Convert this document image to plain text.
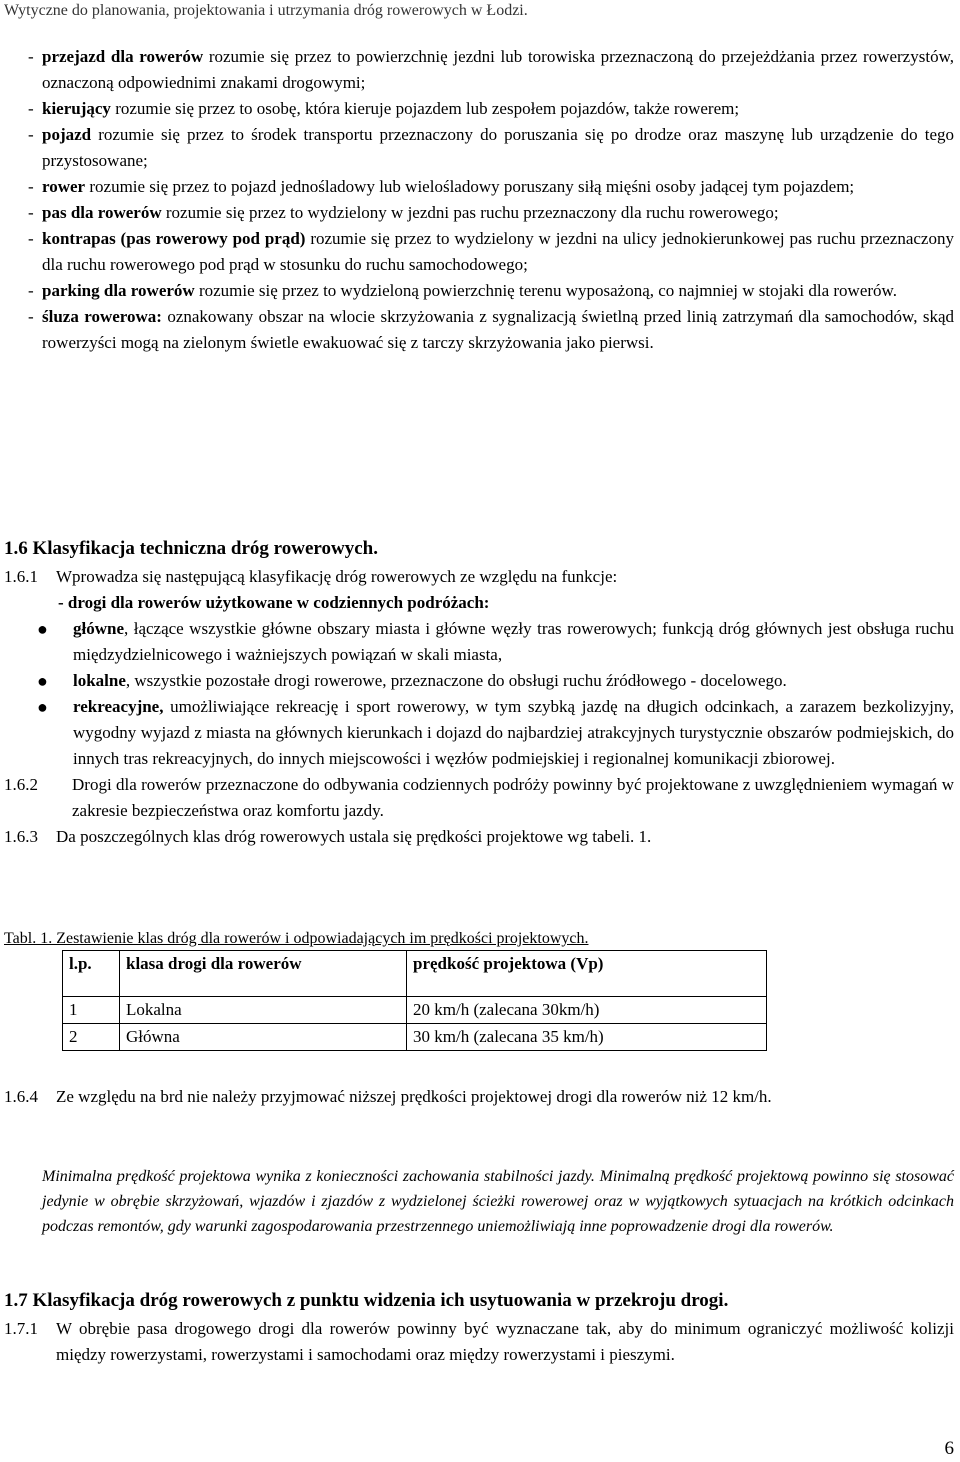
Wytyczne do planowania, projektowania i utrzymania dróg rowerowych w Łodzi.
- przejazd dla rowerów rozumie się przez to powierzchnię jezdni lub torowiska przeznaczoną do przejeżdżania przez rowerzystów, oznaczoną odpowiednimi znakami drogowymi;
- kierujący rozumie się przez to osobę, która kieruje pojazdem lub zespołem pojazdów, także rowerem;
- pojazd rozumie się przez to środek transportu przeznaczony do poruszania się po drodze oraz maszynę lub urządzenie do tego przystosowane;
- rower rozumie się przez to pojazd jednośladowy lub wielośladowy poruszany siłą mięśni osoby jadącej tym pojazdem;
- pas dla rowerów rozumie się przez to wydzielony w jezdni pas ruchu przeznaczony dla ruchu rowerowego;
- kontrapas (pas rowerowy pod prąd) rozumie się przez to wydzielony w jezdni na ulicy jednokierunkowej pas ruchu przeznaczony dla ruchu rowerowego pod prąd w stosunku do ruchu samochodowego;
- parking dla rowerów rozumie się przez to wydzieloną powierzchnię terenu wyposażoną, co najmniej w stojaki dla rowerów.
- śluza rowerowa: oznakowany obszar na wlocie skrzyżowania z sygnalizacją świetlną przed linią zatrzymań dla samochodów, skąd rowerzyści mogą na zielonym świetle ewakuować się z tarczy skrzyżowania jako pierwsi.
1.6 Klasyfikacja techniczna dróg rowerowych.
1.6.1 Wprowadza się następującą klasyfikację dróg rowerowych ze względu na funkcje:
- drogi dla rowerów użytkowane w codziennych podróżach:
● główne, łączące wszystkie główne obszary miasta i główne węzły tras rowerowych; funkcją dróg głównych jest obsługa ruchu międzydzielnicowego i ważniejszych powiązań w skali miasta,
● lokalne, wszystkie pozostałe drogi rowerowe, przeznaczone do obsługi ruchu źródłowego - docelowego.
● rekreacyjne, umożliwiające rekreację i sport rowerowy, w tym szybką jazdę na długich odcinkach, a zarazem bezkolizyjny, wygodny wyjazd z miasta na głównych kierunkach i dojazd do najbardziej atrakcyjnych turystycznie obszarów podmiejskich, do innych tras rekreacyjnych, do innych miejscowości i węzłów podmiejskiej i regionalnej komunikacji zbiorowej.
1.6.2 Drogi dla rowerów przeznaczone do odbywania codziennych podróży powinny być projektowane z uwzględnieniem wymagań w zakresie bezpieczeństwa oraz komfortu jazdy.
1.6.3 Da poszczególnych klas dróg rowerowych ustala się prędkości projektowe wg tabeli. 1.
Tabl. 1. Zestawienie klas dróg dla rowerów i odpowiadających im prędkości projektowych.
l.p.	klasa drogi dla rowerów	prędkość projektowa (Vp)
1	Lokalna	20 km/h (zalecana 30km/h)
2	Główna	30 km/h (zalecana 35 km/h)
1.6.4 Ze względu na brd nie należy przyjmować niższej prędkości projektowej drogi dla rowerów niż 12 km/h.
Minimalna prędkość projektowa wynika z konieczności zachowania stabilności jazdy. Minimalną prędkość projektową powinno się stosować jedynie w obrębie skrzyżowań, wjazdów i zjazdów z wydzielonej ścieżki rowerowej oraz w wyjątkowych sytuacjach na krótkich odcinkach podczas remontów, gdy warunki zagospodarowania przestrzennego uniemożliwiają inne poprowadzenie drogi dla rowerów.
1.7 Klasyfikacja dróg rowerowych z punktu widzenia ich usytuowania w przekroju drogi.
1.7.1 W obrębie pasa drogowego drogi dla rowerów powinny być wyznaczane tak, aby do minimum ograniczyć możliwość kolizji między rowerzystami, rowerzystami i samochodami oraz między rowerzystami i pieszymi.
6
